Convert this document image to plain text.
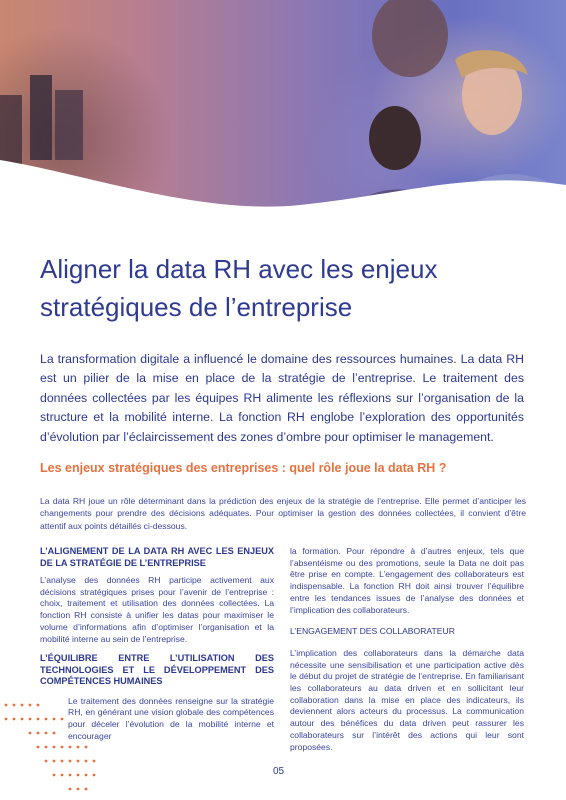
Aligner la data RH avec les enjeux stratégiques de l’entreprise

La transformation digitale a influencé le domaine des ressources humaines. La data RH est un pilier de la mise en place de la stratégie de l’entreprise. Le traitement des données collectées par les équipes RH alimente les réflexions sur l’organisation de la structure et la mobilité interne. La fonction RH englobe l’exploration des opportunités d’évolution par l’éclaircissement des zones d’ombre pour optimiser le management.

Les enjeux stratégiques des entreprises : quel rôle joue la data RH ?

La data RH joue un rôle déterminant dans la prédiction des enjeux de la stratégie de l’entreprise. Elle permet d’anticiper les changements pour prendre des décisions adéquates. Pour optimiser la gestion des données collectées, il convient d’être attentif aux points détaillés ci-dessous.

L’ALIGNEMENT DE LA DATA RH AVEC LES ENJEUX DE LA STRATÉGIE DE L’ENTREPRISE

L’analyse des données RH participe activement aux décisions stratégiques prises pour l’avenir de l’entreprise : choix, traitement et utilisation des données collectées. La fonction RH consiste à unifier les datas pour maximiser le volume d’informations afin d’optimiser l’organisation et la mobilité interne au sein de l’entreprise.

L’ÉQUILIBRE ENTRE L’UTILISATION DES TECHNOLOGIES ET LE DÉVELOPPEMENT DES COMPÉTENCES HUMAINES

Le traitement des données renseigne sur la stratégie RH, en générant une vision globale des compétences pour déceler l’évolution de la mobilité interne et encourager

la formation. Pour répondre à d’autres enjeux, tels que l’absentéisme ou des promotions, seule la Data ne doit pas être prise en compte. L’engagement des collaborateurs est indispensable. La fonction RH doit ainsi trouver l’équilibre entre les tendances issues de l’analyse des données et l’implication des collaborateurs.

L’ENGAGEMENT DES COLLABORATEUR

L’implication des collaborateurs dans la démarche data nécessite une sensibilisation et une participation active dès le début du projet de stratégie de l’entreprise. En familiarisant les collaborateurs au data driven et en sollicitant leur collaboration dans la mise en place des indicateurs, ils deviennent alors acteurs du processus. La communication autour des bénéfices du data driven peut rassurer les collaborateurs sur l’intérêt des actions qui leur sont proposées.

05
